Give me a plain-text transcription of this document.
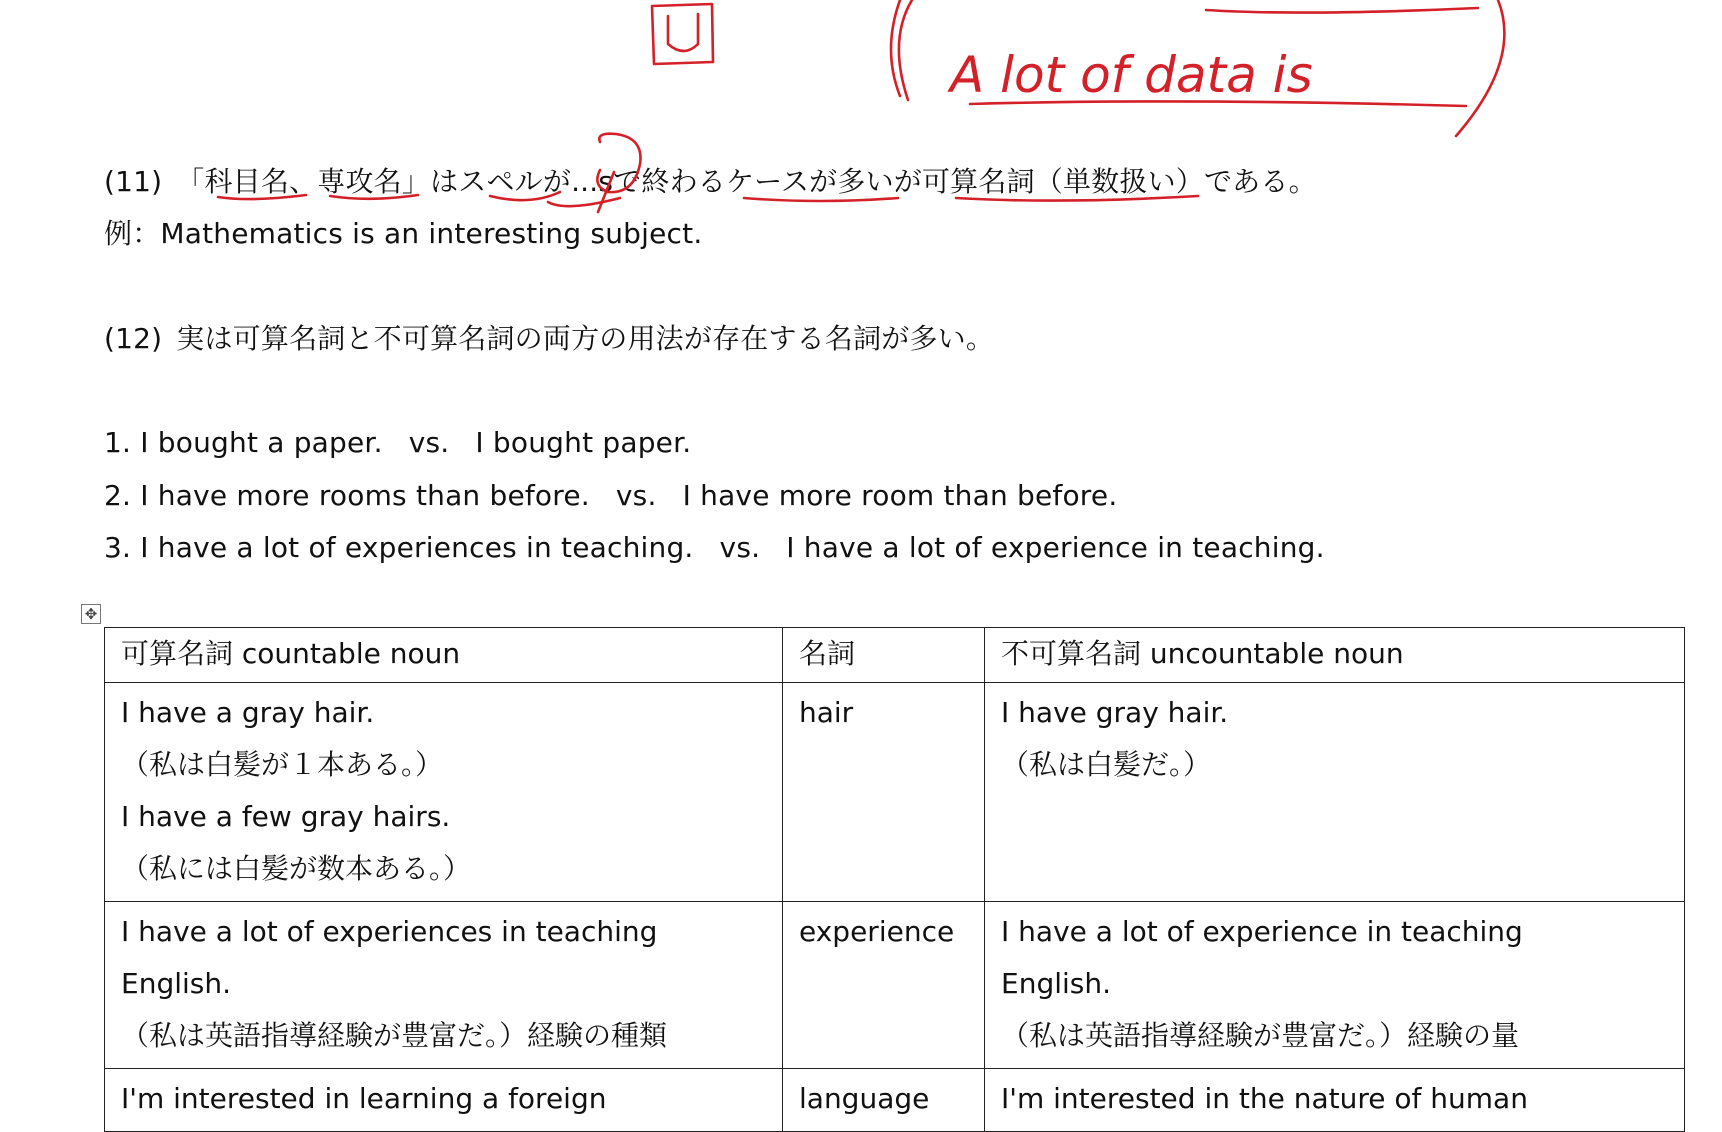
(11) 「科目名、専攻名」はスペルが...sで終わるケースが多いが可算名詞（単数扱い）である。
例：Mathematics is an interesting subject.
(12) 実は可算名詞と不可算名詞の両方の用法が存在する名詞が多い。
1. I bought a paper. vs. I bought paper.
2. I have more rooms than before. vs. I have more room than before.
3. I have a lot of experiences in teaching. vs. I have a lot of experience in teaching.
✥
可算名詞 countable noun	名詞	不可算名詞 uncountable noun

I have a gray hair.
（私は白髪が１本ある。）
I have a few gray hairs.
（私には白髪が数本ある。）	hair	I have gray hair.
（私は白髪だ。）

I have a lot of experiences in teaching
English.
（私は英語指導経験が豊富だ。）経験の種類	experience	I have a lot of experience in teaching
English.
（私は英語指導経験が豊富だ。）経験の量

I'm interested in learning a foreign	language	I'm interested in the nature of human
A lot of data is
